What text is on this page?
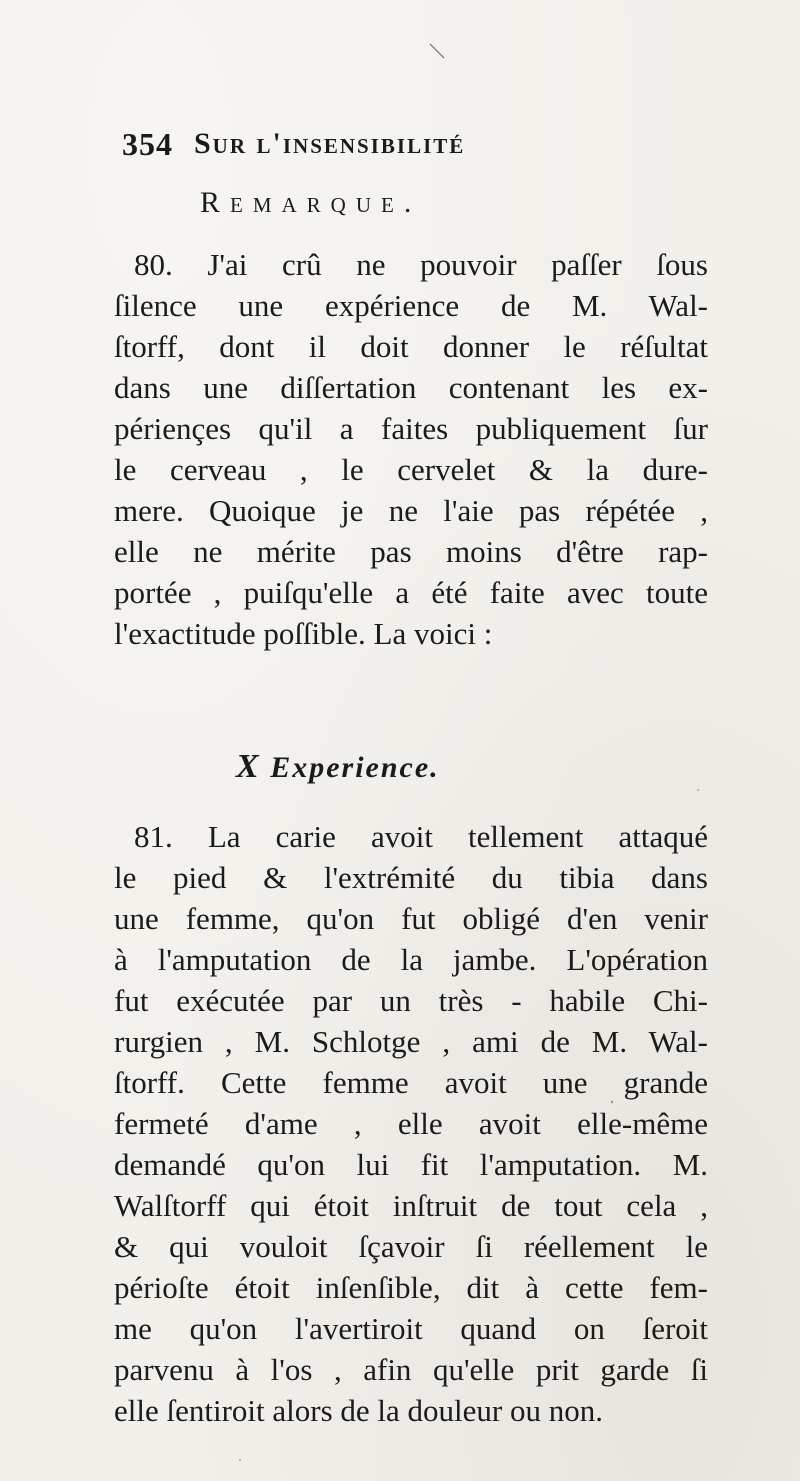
354 Sur l'insensibilité
Remarque.
80. J'ai crû ne pouvoir paſſer ſous
ſilence une expérience de M. Wal-
ſtorff, dont il doit donner le réſultat
dans une diſſertation contenant les ex-
périençes qu'il a faites publiquement ſur
le cerveau , le cervelet & la dure-
mere. Quoique je ne l'aie pas répétée ,
elle ne mérite pas moins d'être rap-
portée , puiſqu'elle a été faite avec toute
l'exactitude poſſible. La voici :
X Experience.
81. La carie avoit tellement attaqué
le pied & l'extrémité du tibia dans
une femme, qu'on fut obligé d'en venir
à l'amputation de la jambe. L'opération
fut exécutée par un très - habile Chi-
rurgien , M. Schlotge , ami de M. Wal-
ſtorff. Cette femme avoit une grande
fermeté d'ame , elle avoit elle-même
demandé qu'on lui fit l'amputation. M.
Walſtorff qui étoit inſtruit de tout cela ,
& qui vouloit ſçavoir ſi réellement le
périoſte étoit inſenſible, dit à cette fem-
me qu'on l'avertiroit quand on ſeroit
parvenu à l'os , afin qu'elle prit garde ſi
elle ſentiroit alors de la douleur ou non.
